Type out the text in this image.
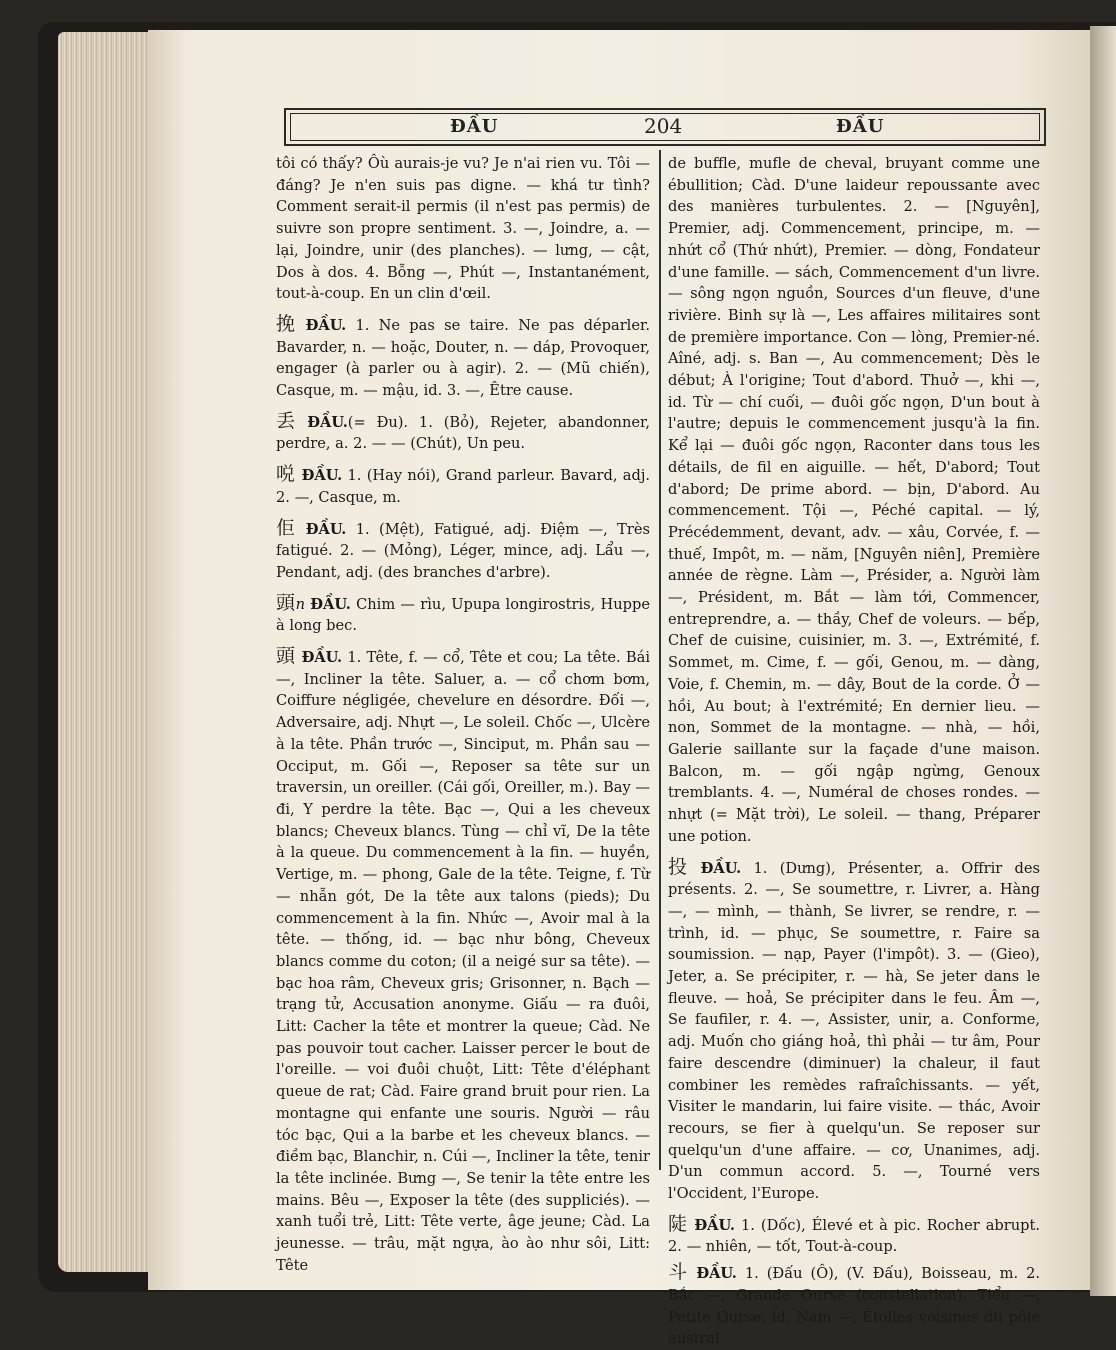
ĐẦU	204	ĐẦU

tôi có thấy? Ôù aurais-je vu? Je n'ai rien vu. Tôi — đáng? Je n'en suis pas digne. — khá tư tình? Comment serait-il permis (il n'est pas permis) de suivre son propre sentiment. 3. —, Joindre, a. — lại, Joindre, unir (des planches). — lưng, — cật, Dos à dos. 4. Bỗng —, Phút —, Instantanément, tout-à-coup. En un clin d'œil.

挽 ĐẦU. 1. Ne pas se taire. Ne pas déparler. Bavarder, n. — hoặc, Douter, n. — dáp, Provoquer, engager (à parler ou à agir). 2. — (Mũ chiến), Casque, m. — mậu, id. 3. —, Être cause.

丢 ĐẦU.(= Đu). 1. (Bỏ), Rejeter, abandonner, perdre, a. 2. — — (Chút), Un peu.

哾 ĐẦU. 1. (Hay nói), Grand parleur. Bavard, adj. 2. —, Casque, m.

佢 ĐẦU. 1. (Mệt), Fatigué, adj. Điệm —, Très fatigué. 2. — (Mỏng), Léger, mince, adj. Lẩu —, Pendant, adj. (des branches d'arbre).

頭n ĐẦU. Chim — rìu, Upupa longirostris, Huppe à long bec.

頭 ĐẦU. 1. Tête, f. — cổ, Tête et cou; La tête. Bái —, Incliner la tête. Saluer, a. — cổ chơm bơm, Coiffure négligée, chevelure en désordre. Đối —, Adversaire, adj. Nhựt —, Le soleil. Chốc —, Ulcère à la tête. Phần trước —, Sinciput, m. Phần sau — Occiput, m. Gối —, Reposer sa tête sur un traversin, un oreiller. (Cái gối, Oreiller, m.). Bay — đi, Y perdre la tête. Bạc —, Qui a les cheveux blancs; Cheveux blancs. Tùng — chỉ vĩ, De la tête à la queue. Du commencement à la fin. — huyền, Vertige, m. — phong, Gale de la tête. Teigne, f. Từ — nhẫn gót, De la tête aux talons (pieds); Du commencement à la fin. Nhức —, Avoir mal à la tête. — thống, id. — bạc như bông, Cheveux blancs comme du coton; (il a neigé sur sa tête). — bạc hoa râm, Cheveux gris; Grisonner, n. Bạch — trạng tử, Accusation anonyme. Giấu — ra đuôi, Litt: Cacher la tête et montrer la queue; Càd. Ne pas pouvoir tout cacher. Laisser percer le bout de l'oreille. — voi đuôi chuột, Litt: Tête d'éléphant queue de rat; Càd. Faire grand bruit pour rien. La montagne qui enfante une souris. Người — râu tóc bạc, Qui a la barbe et les cheveux blancs. — điềm bạc, Blanchir, n. Cúi —, Incliner la tête, tenir la tête inclinée. Bưng —, Se tenir la tête entre les mains. Bêu —, Exposer la tête (des suppliciés). — xanh tuổi trẻ, Litt: Tête verte, âge jeune; Càd. La jeunesse. — trâu, mặt ngựa, ào ào như sôi, Litt: Tête

de buffle, mufle de cheval, bruyant comme une ébullition; Càd. D'une laideur repoussante avec des manières turbulentes. 2. — [Nguyên], Premier, adj. Commencement, principe, m. — nhứt cổ (Thứ nhứt), Premier. — dòng, Fondateur d'une famille. — sách, Commencement d'un livre. — sông ngọn nguồn, Sources d'un fleuve, d'une rivière. Binh sự là —, Les affaires militaires sont de première importance. Con — lòng, Premier-né. Aîné, adj. s. Ban —, Au commencement; Dès le début; À l'origine; Tout d'abord. Thuở —, khi —, id. Từ — chí cuối, — đuôi gốc ngọn, D'un bout à l'autre; depuis le commencement jusqu'à la fin. Kể lại — đuôi gốc ngọn, Raconter dans tous les détails, de fil en aiguille. — hết, D'abord; Tout d'abord; De prime abord. — bịn, D'abord. Au commencement. Tội —, Péché capital. — lý, Précédemment, devant, adv. — xâu, Corvée, f. — thuế, Impôt, m. — năm, [Nguyên niên], Première année de règne. Làm —, Présider, a. Người làm —, Président, m. Bắt — làm tới, Commencer, entreprendre, a. — thầy, Chef de voleurs. — bếp, Chef de cuisine, cuisinier, m. 3. —, Extrémité, f. Sommet, m. Cime, f. — gối, Genou, m. — dàng, Voie, f. Chemin, m. — dây, Bout de la corde. Ở — hồi, Au bout; à l'extrémité; En dernier lieu. — non, Sommet de la montagne. — nhà, — hồi, Galerie saillante sur la façade d'une maison. Balcon, m. — gối ngập ngừng, Genoux tremblants. 4. —, Numéral de choses rondes. — nhựt (= Mặt trời), Le soleil. — thang, Préparer une potion.

投 ĐẦU. 1. (Dưng), Présenter, a. Offrir des présents. 2. —, Se soumettre, r. Livrer, a. Hàng —, — mình, — thành, Se livrer, se rendre, r. — trình, id. — phục, Se soumettre, r. Faire sa soumission. — nạp, Payer (l'impôt). 3. — (Gieo), Jeter, a. Se précipiter, r. — hà, Se jeter dans le fleuve. — hoả, Se précipiter dans le feu. Âm —, Se faufiler, r. 4. —, Assister, unir, a. Conforme, adj. Muốn cho giáng hoả, thì phải — tư âm, Pour faire descendre (diminuer) la chaleur, il faut combiner les remèdes rafraîchissants. — yết, Visiter le mandarin, lui faire visite. — thác, Avoir recours, se fier à quelqu'un. Se reposer sur quelqu'un d'une affaire. — cơ, Unanimes, adj. D'un commun accord. 5. —, Tourné vers l'Occident, l'Europe.

陡 ĐẦU. 1. (Dốc), Élevé et à pic. Rocher abrupt. 2. — nhiên, — tốt, Tout-à-coup.

斗 ĐẦU. 1. (Đấu (Ô), (V. Đấu), Boisseau, m. 2. Bắc —, Grande Ourse (constellation). Tiểu —, Petite Ourse, id. Nam —, Étoiles voisines du pôle austral.
